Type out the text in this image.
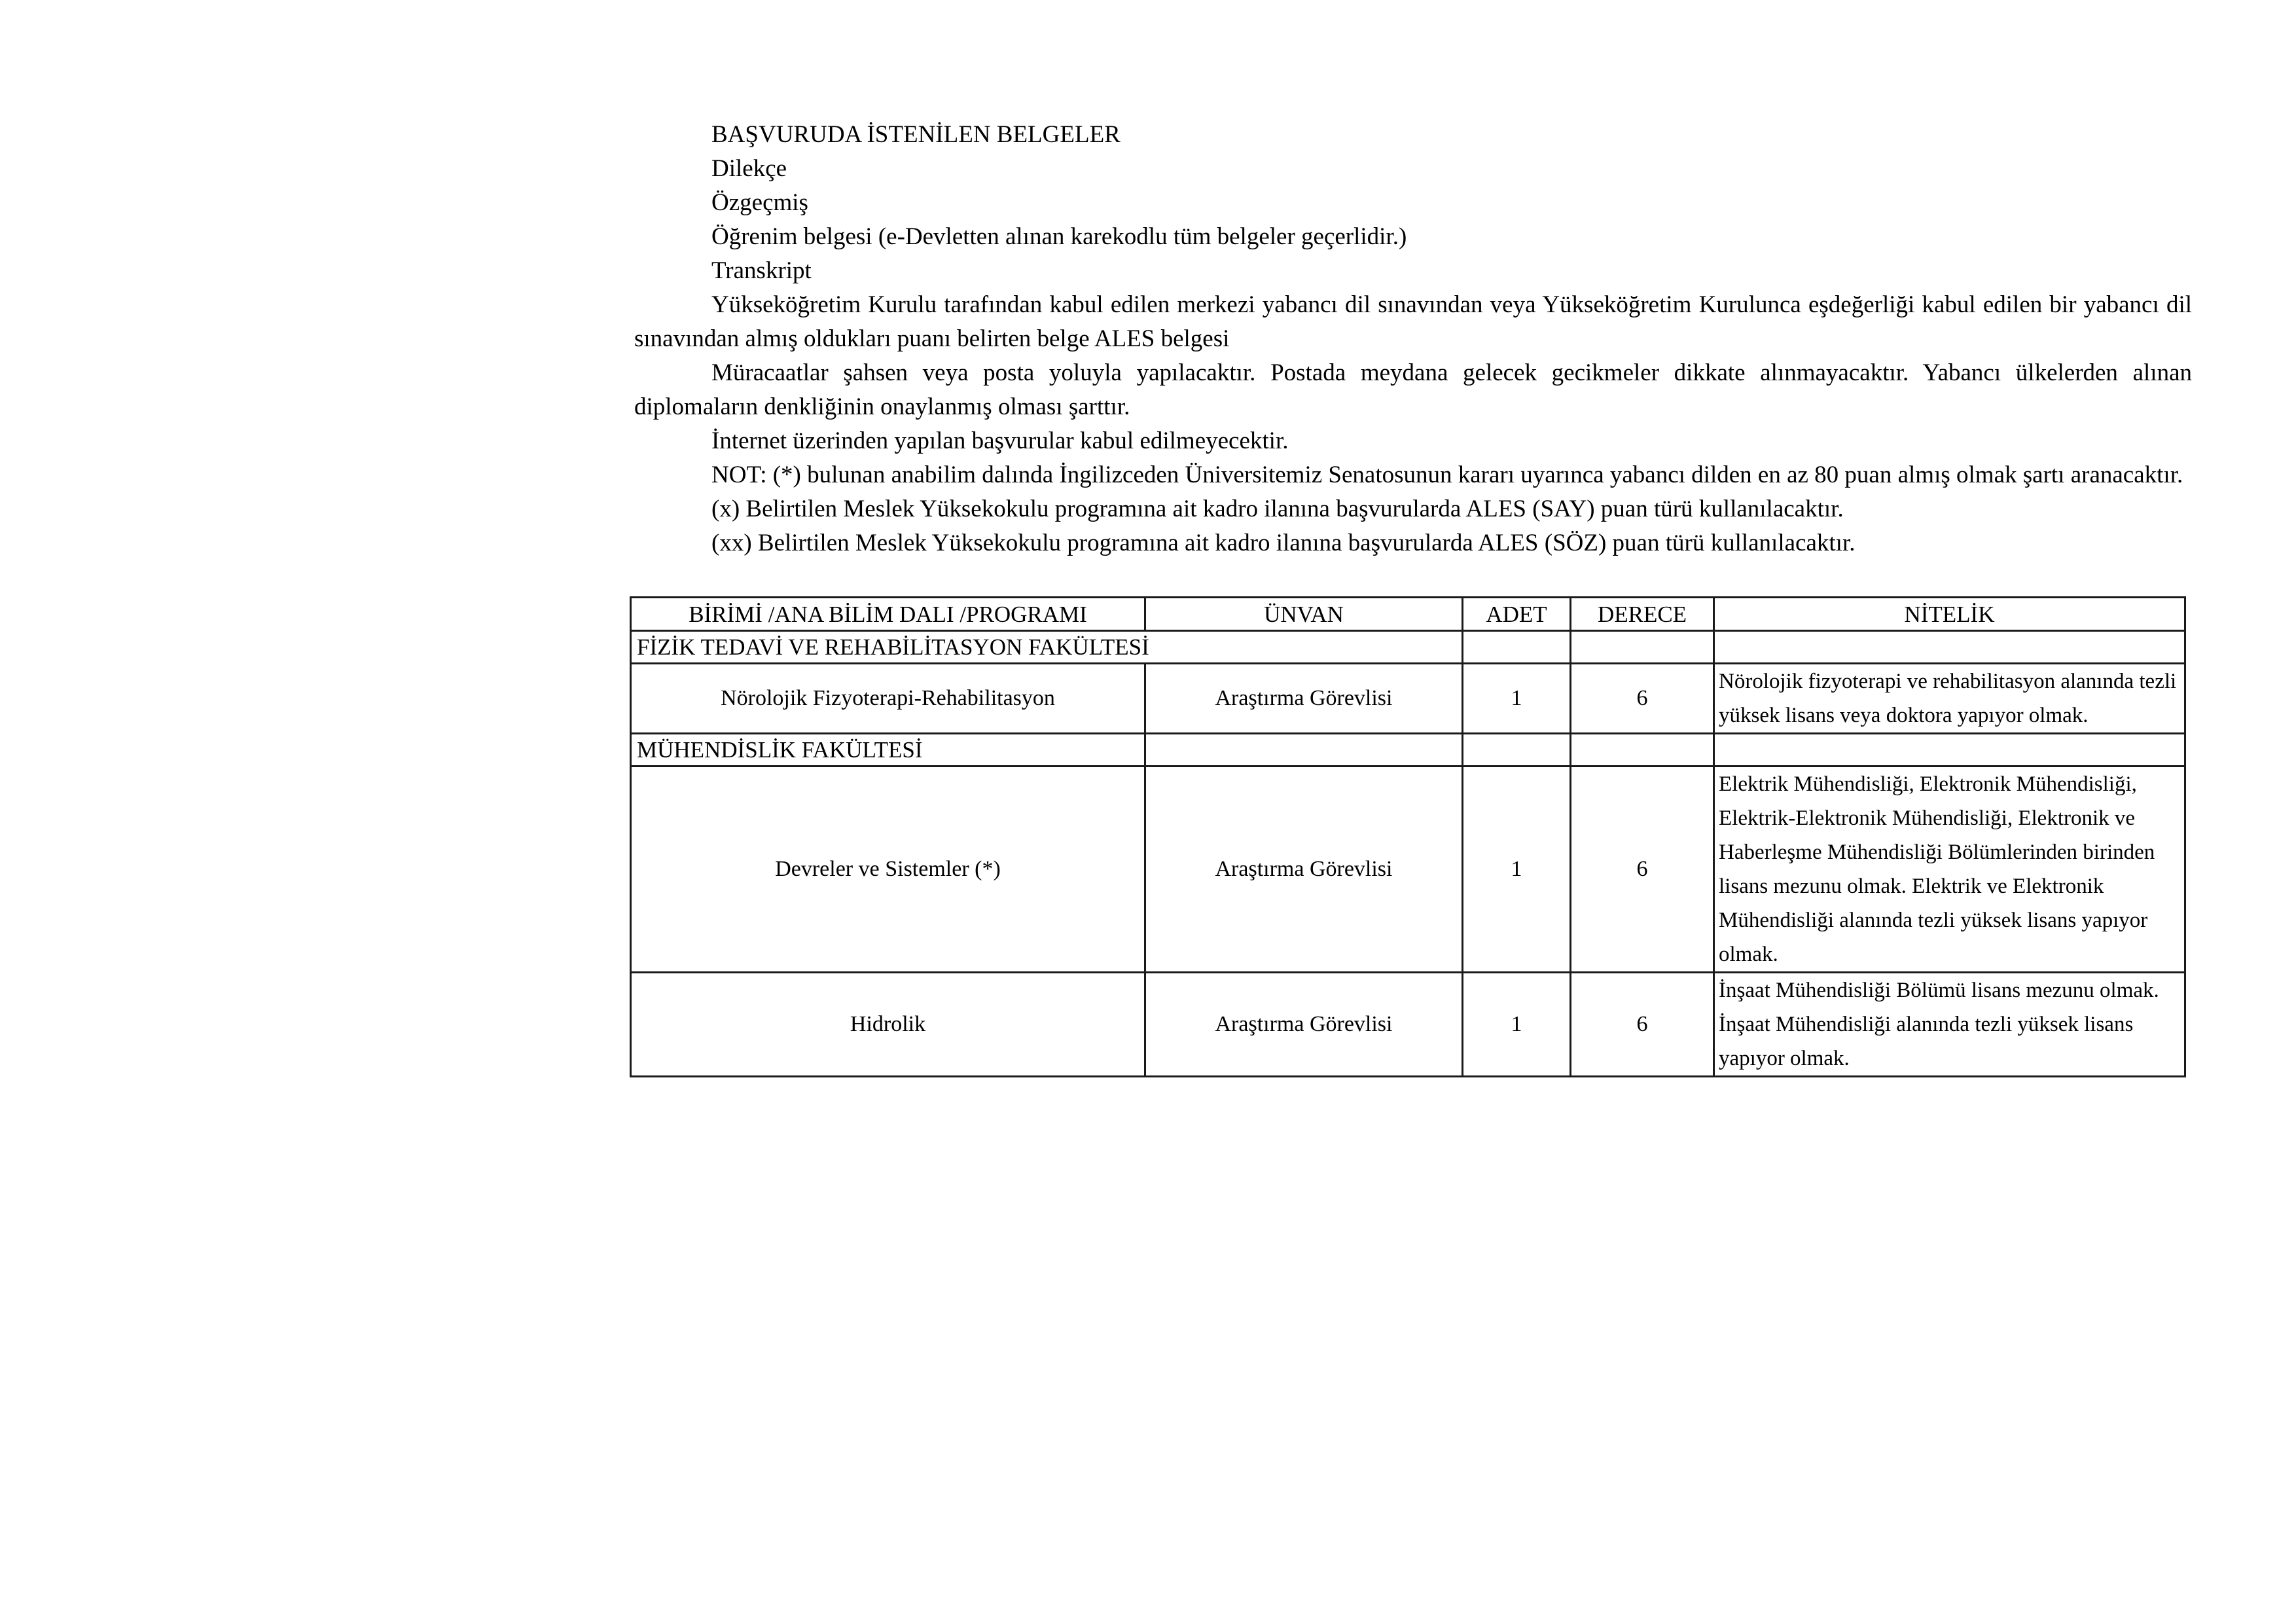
BAŞVURUDA İSTENİLEN BELGELER

Dilekçe

Özgeçmiş

Öğrenim belgesi (e-Devletten alınan karekodlu tüm belgeler geçerlidir.)

Transkript

Yükseköğretim Kurulu tarafından kabul edilen merkezi yabancı dil sınavından veya Yükseköğretim Kurulunca eşdeğerliği kabul edilen bir yabancı dil sınavından almış oldukları puanı belirten belge ALES belgesi

Müracaatlar şahsen veya posta yoluyla yapılacaktır. Postada meydana gelecek gecikmeler dikkate alınmayacaktır. Yabancı ülkelerden alınan diplomaların denkliğinin onaylanmış olması şarttır.

İnternet üzerinden yapılan başvurular kabul edilmeyecektir.

NOT: (*) bulunan anabilim dalında İngilizceden Üniversitemiz Senatosunun kararı uyarınca yabancı dilden en az 80 puan almış olmak şartı aranacaktır.

(x) Belirtilen Meslek Yüksekokulu programına ait kadro ilanına başvurularda ALES (SAY) puan türü kullanılacaktır.

(xx) Belirtilen Meslek Yüksekokulu programına ait kadro ilanına başvurularda ALES (SÖZ) puan türü kullanılacaktır.

BİRİMİ /ANA BİLİM DALI /PROGRAMI	ÜNVAN	ADET	DERECE	NİTELİK
FİZİK TEDAVİ VE REHABİLİTASYON FAKÜLTESİ				
Nörolojik Fizyoterapi-Rehabilitasyon	Araştırma Görevlisi	1	6	Nörolojik fizyoterapi ve rehabilitasyon alanında tezli yüksek lisans veya doktora yapıyor olmak.
MÜHENDİSLİK FAKÜLTESİ				
Devreler ve Sistemler (*)	Araştırma Görevlisi	1	6	Elektrik Mühendisliği, Elektronik Mühendisliği, Elektrik-Elektronik Mühendisliği, Elektronik ve Haberleşme Mühendisliği Bölümlerinden birinden lisans mezunu olmak. Elektrik ve Elektronik Mühendisliği alanında tezli yüksek lisans yapıyor olmak.
Hidrolik	Araştırma Görevlisi	1	6	İnşaat Mühendisliği Bölümü lisans mezunu olmak. İnşaat Mühendisliği alanında tezli yüksek lisans yapıyor olmak.
